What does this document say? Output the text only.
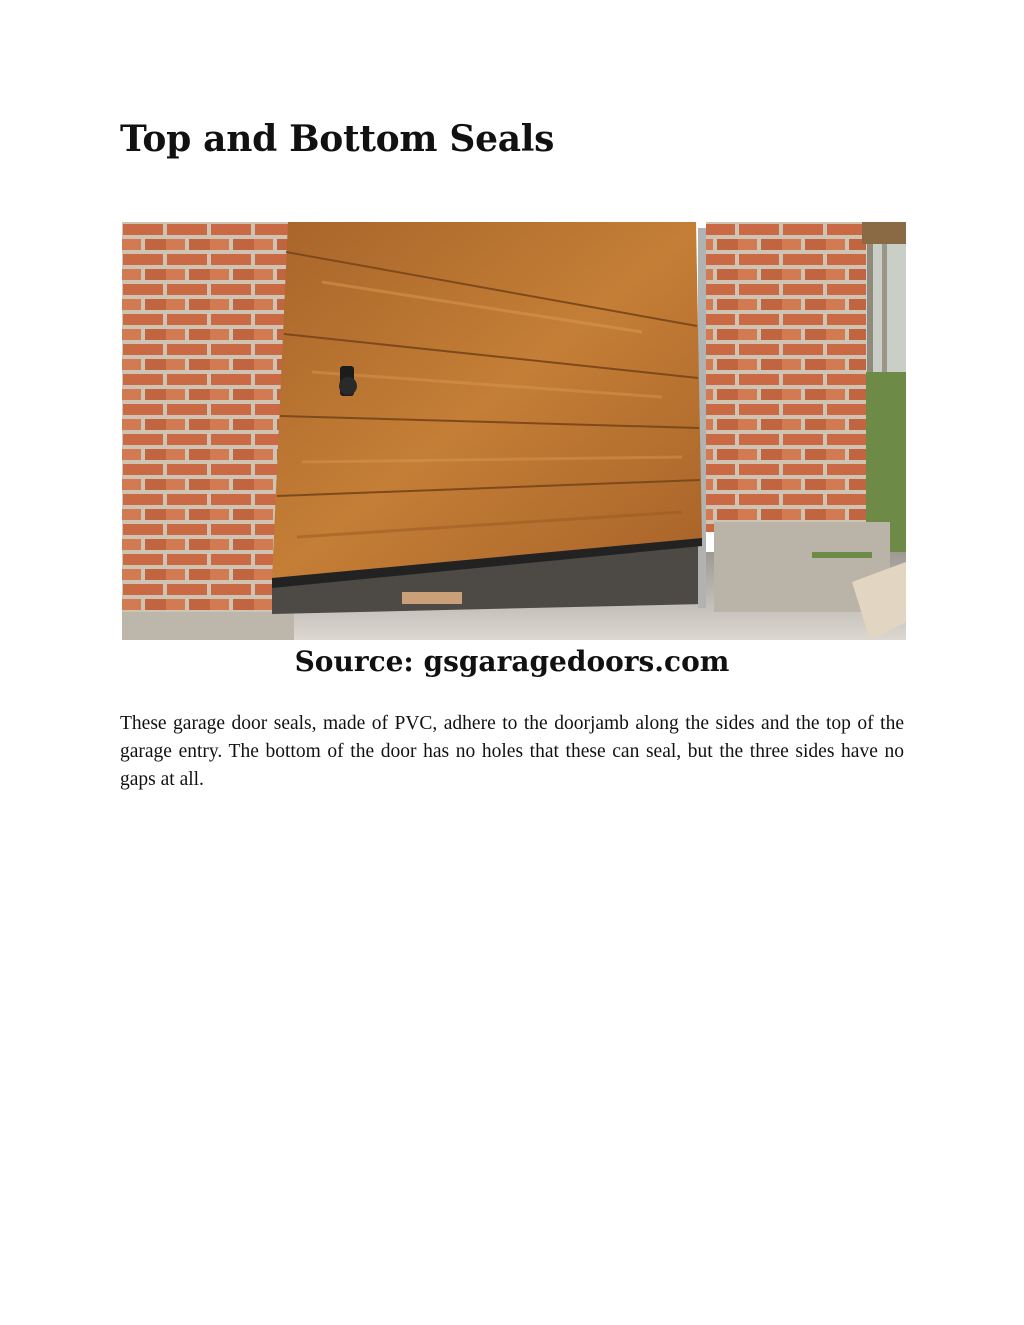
Top and Bottom Seals

Source: gsgaragedoors.com

These garage door seals, made of PVC, adhere to the doorjamb along the sides and the top of the garage entry. The bottom of the door has no holes that these can seal, but the three sides have no gaps at all.
